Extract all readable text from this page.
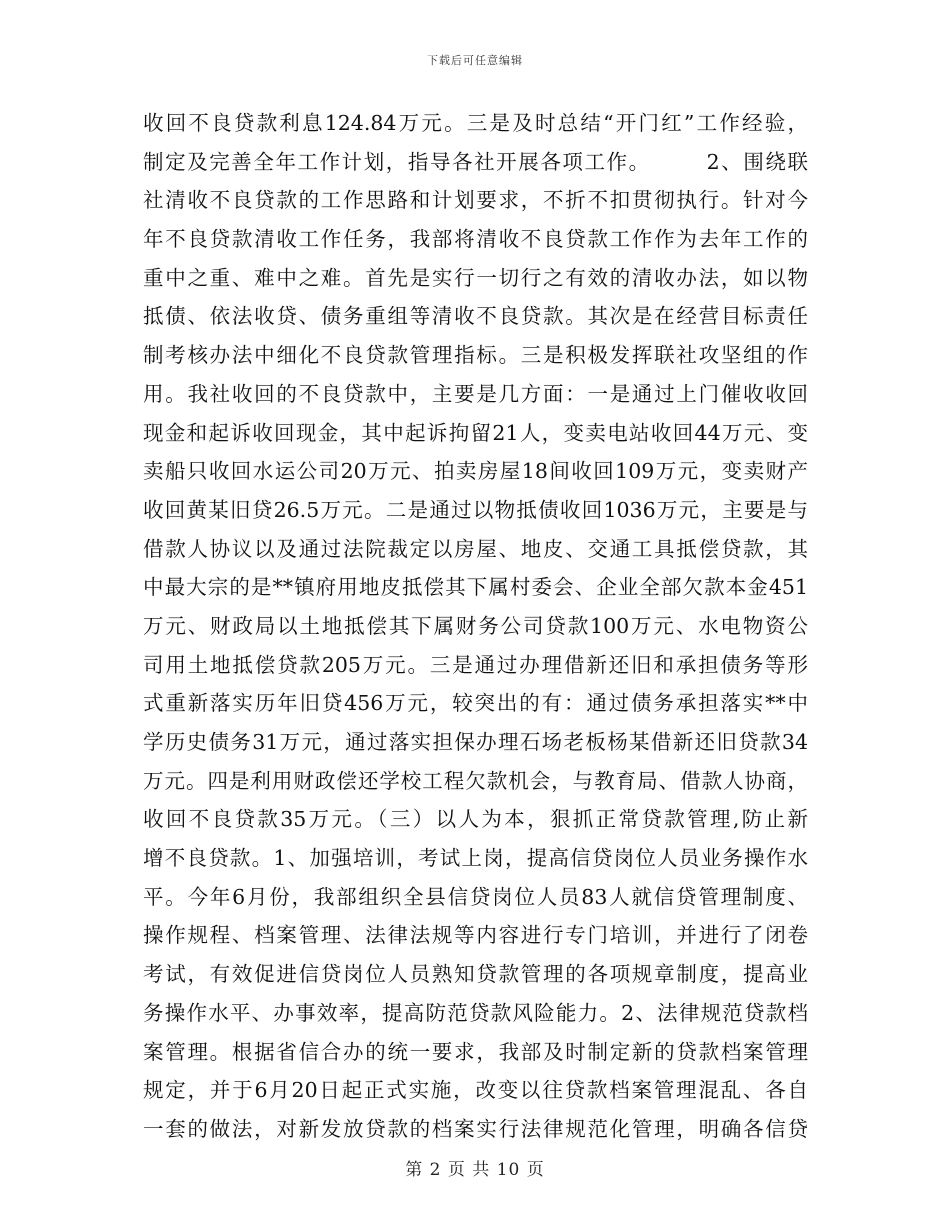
下载后可任意编辑
收回不良贷款利息124.84万元。三是及时总结“开门红”工作经验，
制定及完善全年工作计划，指导各社开展各项工作。　　　2、围绕联
社清收不良贷款的工作思路和计划要求，不折不扣贯彻执行。针对今
年不良贷款清收工作任务，我部将清收不良贷款工作作为去年工作的
重中之重、难中之难。首先是实行一切行之有效的清收办法，如以物
抵债、依法收贷、债务重组等清收不良贷款。其次是在经营目标责任
制考核办法中细化不良贷款管理指标。三是积极发挥联社攻坚组的作
用。我社收回的不良贷款中，主要是几方面：一是通过上门催收收回
现金和起诉收回现金，其中起诉拘留21人，变卖电站收回44万元、变
卖船只收回水运公司20万元、拍卖房屋18间收回109万元，变卖财产
收回黄某旧贷26.5万元。二是通过以物抵债收回1036万元，主要是与
借款人协议以及通过法院裁定以房屋、地皮、交通工具抵偿贷款，其
中最大宗的是**镇府用地皮抵偿其下属村委会、企业全部欠款本金451
万元、财政局以土地抵偿其下属财务公司贷款100万元、水电物资公
司用土地抵偿贷款205万元。三是通过办理借新还旧和承担债务等形
式重新落实历年旧贷456万元，较突出的有：通过债务承担落实**中
学历史债务31万元，通过落实担保办理石场老板杨某借新还旧贷款34
万元。四是利用财政偿还学校工程欠款机会，与教育局、借款人协商，
收回不良贷款35万元。（三）以人为本，狠抓正常贷款管理,防止新
增不良贷款。1、加强培训，考试上岗，提高信贷岗位人员业务操作水
平。今年6月份，我部组织全县信贷岗位人员83人就信贷管理制度、
操作规程、档案管理、法律法规等内容进行专门培训，并进行了闭卷
考试，有效促进信贷岗位人员熟知贷款管理的各项规章制度，提高业
务操作水平、办事效率，提高防范贷款风险能力。2、法律规范贷款档
案管理。根据省信合办的统一要求，我部及时制定新的贷款档案管理
规定，并于6月20日起正式实施，改变以往贷款档案管理混乱、各自
一套的做法，对新发放贷款的档案实行法律规范化管理，明确各信贷
第 2 页 共 10 页
